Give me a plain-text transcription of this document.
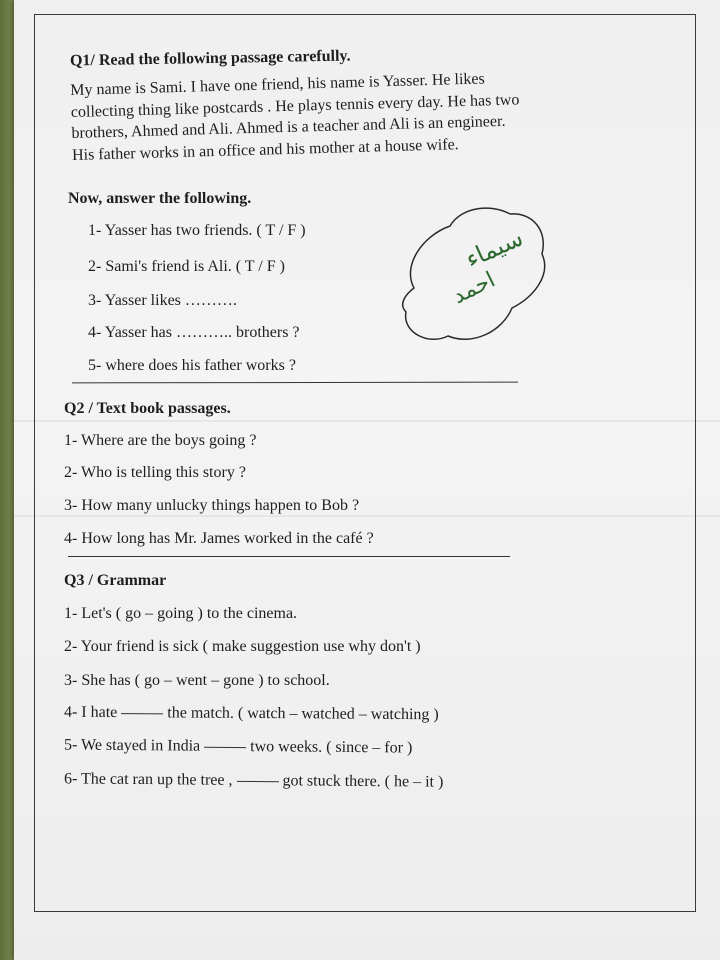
Q1/ Read the following passage carefully.
My name is Sami. I have one friend, his name is Yasser. He likes
collecting thing like postcards . He plays tennis every day. He has two
brothers, Ahmed and Ali. Ahmed is a teacher and Ali is an engineer.
His father works in an office and his mother at a house wife.
Now, answer the following.
1- Yasser has two friends. ( T / F )
2- Sami's friend is Ali. ( T / F )
3- Yasser likes ……….
4- Yasser has ……….. brothers ?
5- where does his father works ?
سيماء
احمد
Q2 / Text book passages.
1- Where are the boys going ?
2- Who is telling this story ?
3- How many unlucky things happen to Bob ?
4- How long has Mr. James worked in the café ?
Q3 / Grammar
1- Let's ( go – going ) to the cinema.
2- Your friend is sick ( make suggestion use why don't )
3- She has ( go – went – gone ) to school.
4- I hate	the match. ( watch – watched – watching )
5- We stayed in India	two weeks. ( since – for )
6- The cat ran up the tree ,	got stuck there. ( he – it )
